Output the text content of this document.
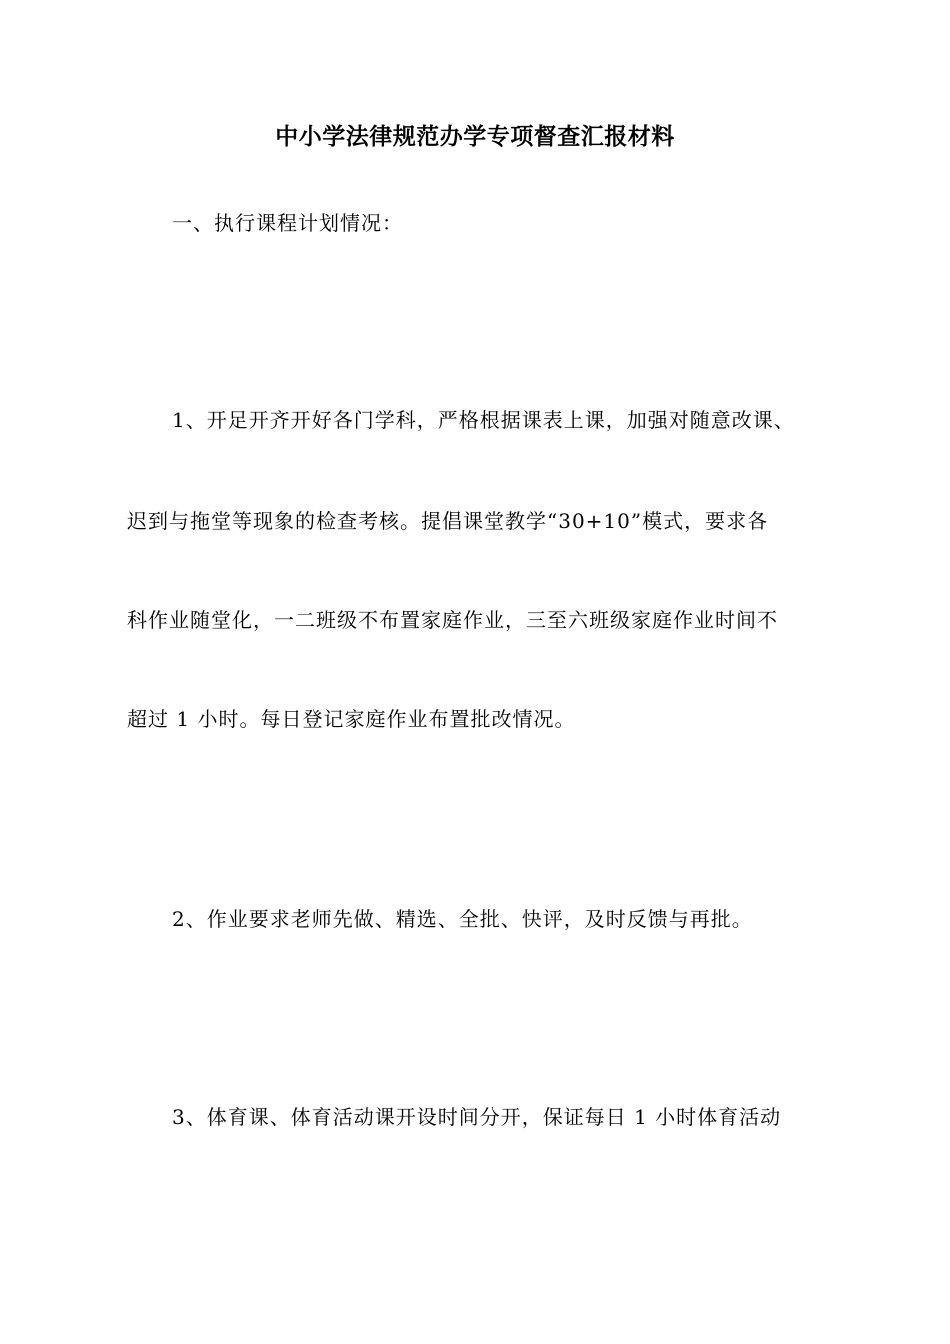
中小学法律规范办学专项督查汇报材料
一、执行课程计划情况：
1、开足开齐开好各门学科，严格根据课表上课，加强对随意改课、
迟到与拖堂等现象的检查考核。提倡课堂教学“30+10”模式，要求各
科作业随堂化，一二班级不布置家庭作业，三至六班级家庭作业时间不
超过 1 小时。每日登记家庭作业布置批改情况。
2、作业要求老师先做、精选、全批、快评，及时反馈与再批。
3、体育课、体育活动课开设时间分开，保证每日 1 小时体育活动
